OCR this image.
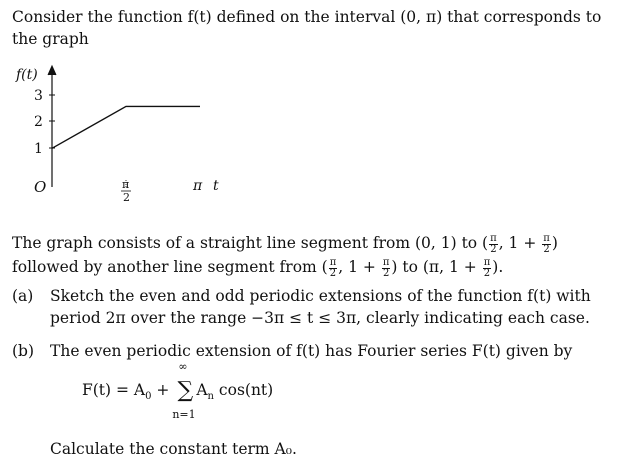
Consider the function f(t) defined on the interval (0, π) that corresponds to

the graph

1
2
3
f(t)
O	π
2
π t
The graph consists of a straight line segment from (0, 1) to ( $\frac{\pi}{2}$ , $1 + \frac{\pi}{2}$ )
followed by another line segment from ( $\frac{\pi}{2}$ , $1 + \frac{\pi}{2}$ ) to (π, $1 + \frac{\pi}{2}$ ).
(a) Sketch the even and odd periodic extensions of the function f(t) with
period 2π over the range −3π ≤ t ≤ 3π, clearly indicating each case.
(b) The even periodic extension of f(t) has Fourier series F(t) given by
$F(t) = A_0$ +
∞
∑
n=1
$A_n$ cos(nt)
Calculate the constant term A₀.
